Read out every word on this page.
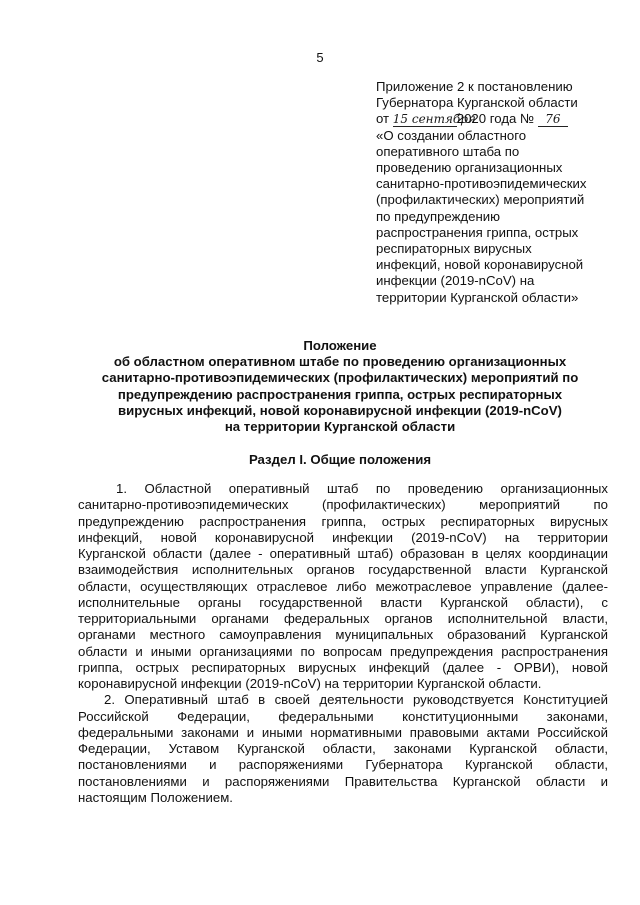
5
Приложение 2 к постановлению
Губернатора Курганской области
от 15 сентября2020 года № 76
«О создании областного
оперативного штаба по
проведению организационных
санитарно-противоэпидемических
(профилактических) мероприятий
по предупреждению
распространения гриппа, острых
респираторных вирусных
инфекций, новой коронавирусной
инфекции (2019-nCoV) на
территории Курганской области»
Положение
об областном оперативном штабе по проведению организационных
санитарно-противоэпидемических (профилактических) мероприятий по
предупреждению распространения гриппа, острых респираторных
вирусных инфекций, новой коронавирусной инфекции (2019-nCoV)
на территории Курганской области
Раздел I. Общие положения
1. Областной оперативный штаб по проведению организационных
санитарно-противоэпидемических (профилактических) мероприятий по
предупреждению распространения гриппа, острых респираторных вирусных
инфекций, новой коронавирусной инфекции (2019-nCoV) на территории
Курганской области (далее - оперативный штаб) образован в целях координации
взаимодействия исполнительных органов государственной власти Курганской
области, осуществляющих отраслевое либо межотраслевое управление (далее-
исполнительные органы государственной власти Курганской области), с
территориальными органами федеральных органов исполнительной власти,
органами местного самоуправления муниципальных образований Курганской
области и иными организациями по вопросам предупреждения распространения
гриппа, острых респираторных вирусных инфекций (далее - ОРВИ), новой
коронавирусной инфекции (2019-nCoV) на территории Курганской области.
2. Оперативный штаб в своей деятельности руководствуется Конституцией
Российской Федерации, федеральными конституционными законами,
федеральными законами и иными нормативными правовыми актами Российской
Федерации, Уставом Курганской области, законами Курганской области,
постановлениями и распоряжениями Губернатора Курганской области,
постановлениями и распоряжениями Правительства Курганской области и
настоящим Положением.
